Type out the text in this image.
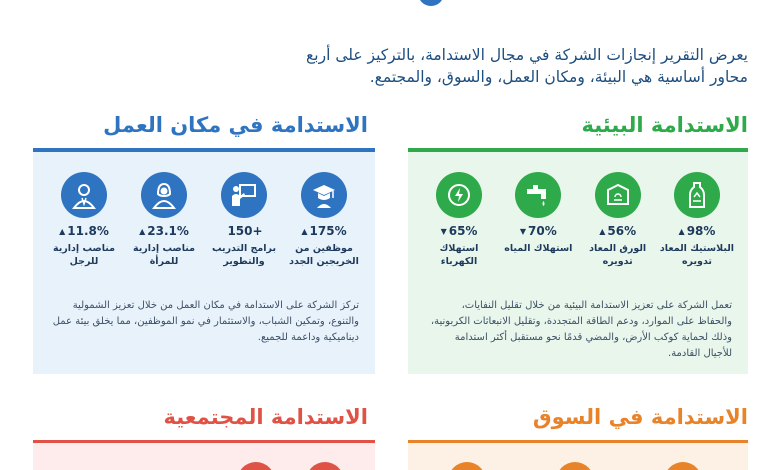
يعرض التقرير إنجازات الشركة في مجال الاستدامة، بالتركيز على أربع محاور أساسية هي البيئة، ومكان العمل، والسوق، والمجتمع.

الاستدامة في مكان العمل
175%
▲
موظفين من الخريجين الجدد
+150
برامج التدريب والتطوير
23.1%
▲
مناصب إدارية للمرأة
11.8%
▲
مناصب إدارية للرجل

تركز الشركة على الاستدامة في مكان العمل من خلال تعزيز الشمولية والتنوع، وتمكين الشباب، والاستثمار في نمو الموظفين، مما يخلق بيئة عمل ديناميكية وداعمة للجميع.

الاستدامة البيئية
98%
▲
البلاستيك المعاد تدويره
56%
▲
الورق المعاد تدويره
70%
▼
استهلاك المياه
65%
▼
استهلاك الكهرباء

تعمل الشركة على تعزيز الاستدامة البيئية من خلال تقليل النفايات، والحفاظ على الموارد، ودعم الطاقة المتجددة، وتقليل الانبعاثات الكربونية، وذلك لحماية كوكب الأرض، والمضي قدمًا نحو مستقبل أكثر استدامة للأجيال القادمة.

الاستدامة المجتمعية	الاستدامة في السوق
